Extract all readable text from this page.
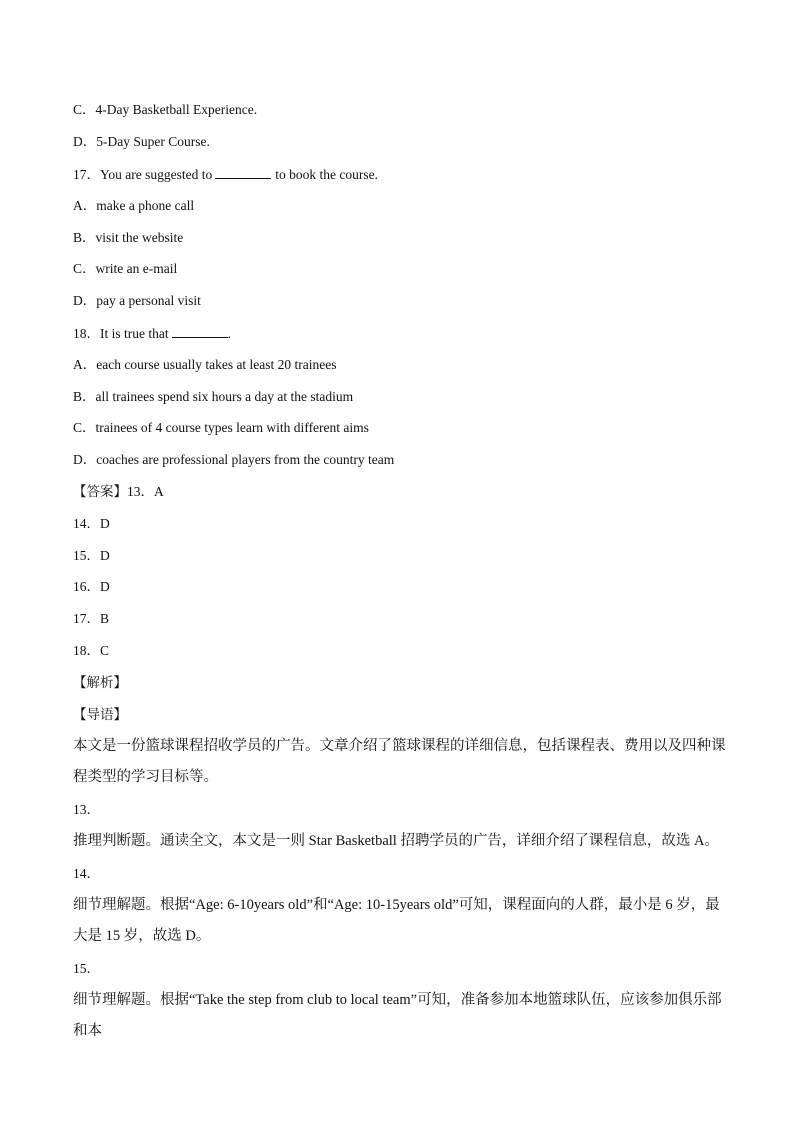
C．4-Day Basketball Experience.
D．5-Day Super Course.
17．You are suggested to	to book the course.
A．make a phone call
B．visit the website
C．write an e-mail
D．pay a personal visit
18．It is true that	.
A．each course usually takes at least 20 trainees
B．all trainees spend six hours a day at the stadium
C．trainees of 4 course types learn with different aims
D．coaches are professional players from the country team
【答案】13．A
14．D
15．D
16．D
17．B
18．C
【解析】
【导语】
本文是一份篮球课程招收学员的广告。文章介绍了篮球课程的详细信息，包括课程表、费用以及四种课程类型的学习目标等。
13．
推理判断题。通读全文，本文是一则 Star Basketball 招聘学员的广告，详细介绍了课程信息，故选 A。
14．
细节理解题。根据“Age: 6-10years old”和“Age: 10-15years old”可知，课程面向的人群，最小是 6 岁，最大是 15 岁，故选 D。
15．
细节理解题。根据“Take the step from club to local team”可知，准备参加本地篮球队伍，应该参加俱乐部和本
